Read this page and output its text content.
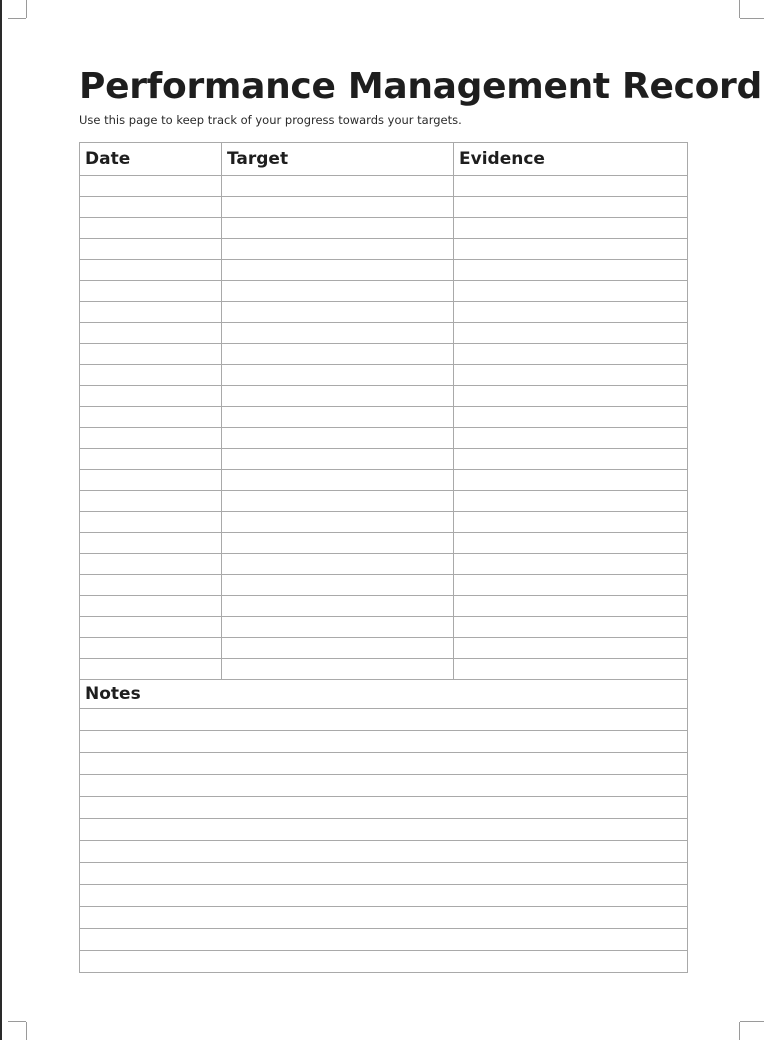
Performance Management Record

Use this page to keep track of your progress towards your targets.

Date	Target	Evidence

Notes		
